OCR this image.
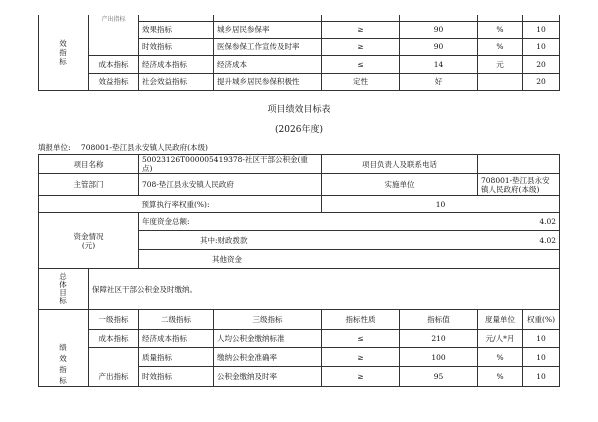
效
指
标	产出指标						
		效果指标	城乡居民参保率	≥	90	%	10
		时效指标	医保参保工作宣传及时率	≥	90	%	10
	成本指标	经济成本指标	经济成本	≤	14	元	20
	效益指标	社会效益指标	提升城乡居民参保积极性	定性	好		20
项目绩效目标表
(2026年度)
填报单位: 708001-垫江县永安镇人民政府(本级)
项目名称		50023126T000005419378-社区干部公积金(重点)		项目负责人及联系电话			
主管部门		708-垫江县永安镇人民政府		实施单位		708001-垫江县永安镇人民政府(本级)	
		预算执行率权重(%):		10			
资金情况
(元)		年度资金总额: 4.02					

		其中:财政拨款 4.02					

		其他资金					
总
体
目
标	保障社区干部公积金及时缴纳。						
绩
效
指
标	一级指标	二级指标	三级指标	指标性质	指标值	度量单位	权重(%)
	成本指标	经济成本指标	人均公积金缴纳标准	≤	210	元/人*月	10
		质量指标	缴纳公积金准确率	≥	100	%	10
	产出指标	时效指标	公积金缴纳及时率	≥	95	%	10
